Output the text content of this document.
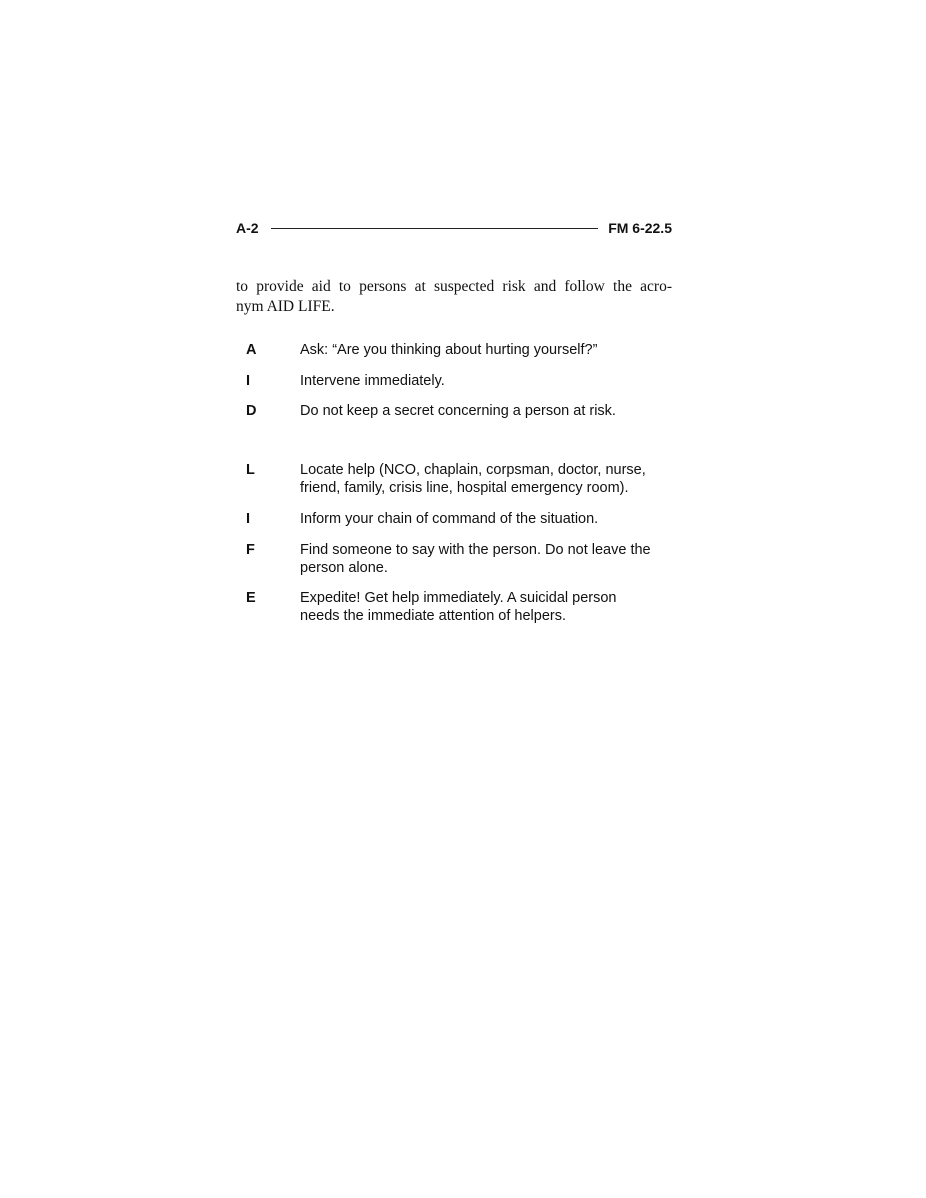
A-2	FM 6-22.5
to provide aid to persons at suspected risk and follow the acro-
nym AID LIFE.
A	Ask: “Are you thinking about hurting yourself?”
I	Intervene immediately.
D	Do not keep a secret concerning a person at risk.
L	Locate help (NCO, chaplain, corpsman, doctor, nurse,
friend, family, crisis line, hospital emergency room).
I	Inform your chain of command of the situation.
F	Find someone to say with the person. Do not leave the
person alone.
E	Expedite! Get help immediately. A suicidal person
needs the immediate attention of helpers.
